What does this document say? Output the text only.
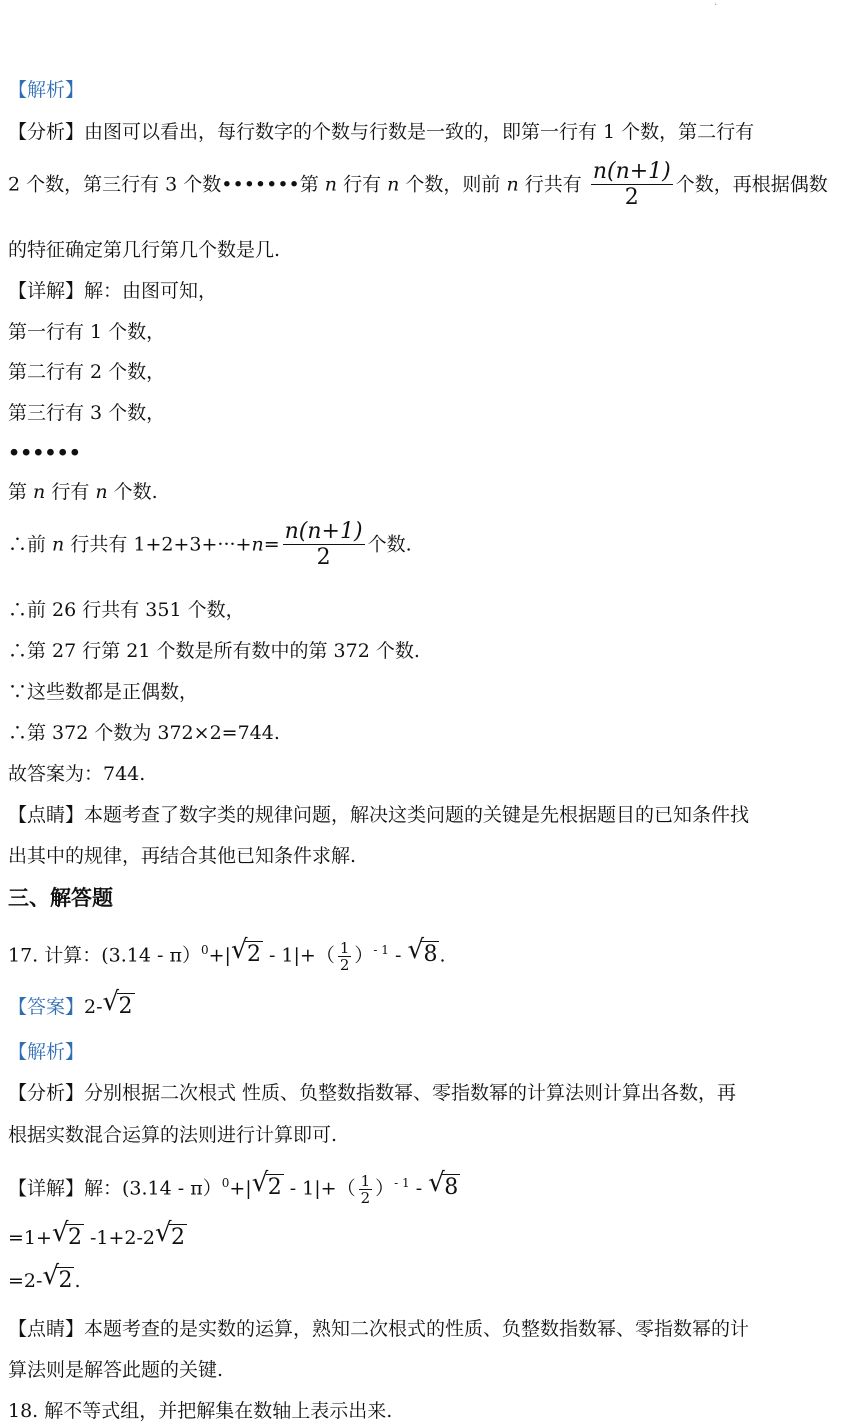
·
【解析】
【分析】由图可以看出，每行数字的个数与行数是一致的，即第一行有 1 个数，第二行有
2 个数，第三行有 3 个数•••••••第 n 行有 n 个数，则前 n 行共有 $\frac{n(n+1)}{2}$ 个数，再根据偶数
的特征确定第几行第几个数是几.
【详解】解：由图可知，
第一行有 1 个数，
第二行有 2 个数，
第三行有 3 个数，
••••••
第 n 行有 n 个数.
∴前 n 行共有 $1+2+3+\cdot\cdot\cdot+n= \frac{n(n+1)}{2}$ 个数.
∴前 26 行共有 351 个数，
∴第 27 行第 21 个数是所有数中的第 372 个数.
∵这些数都是正偶数，
∴第 372 个数为 372×2=744.
故答案为：744.
【点睛】本题考查了数字类的规律问题，解决这类问题的关键是先根据题目的已知条件找
出其中的规律，再结合其他已知条件求解.
三、解答题
17. 计算：(3.14 - π）$^0$+| √ $2 - 1|+( \frac{1}{2} )^{- 1}$ - √ 8 .
【答案】2- √ 2
【解析】
【分析】分别根据二次根式 性质、负整数指数幂、零指数幂的计算法则计算出各数，再
根据实数混合运算的法则进行计算即可.
【详解】解：(3.14 - π）$^0$+| √ $2 - 1|+( \frac{1}{2} )^{- 1}$ - √ 8
=1+ √ 2 -1+2-2 √ 2
=2- √ 2 .
【点睛】本题考查的是实数的运算，熟知二次根式的性质、负整数指数幂、零指数幂的计
算法则是解答此题的关键.
18. 解不等式组，并把解集在数轴上表示出来.
